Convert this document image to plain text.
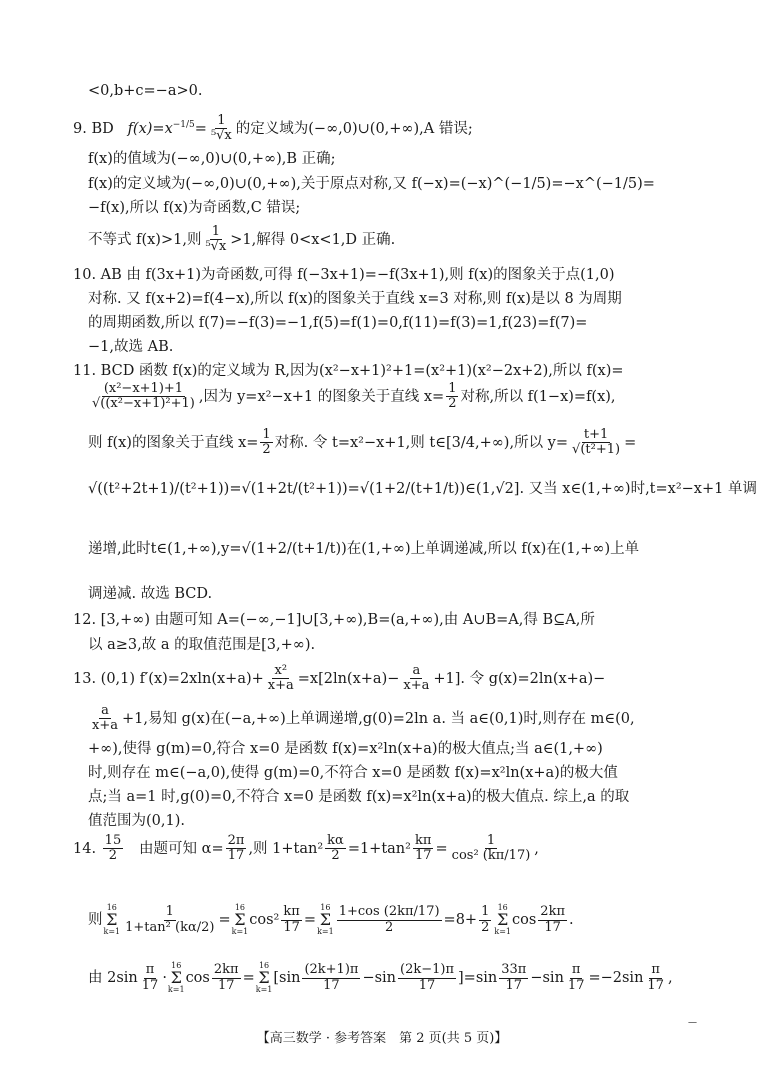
<0,b+c=−a>0.
9. BD $f(x)=x^{-1/5}= \frac{1}{\text{⁵√x}}$ 的定义域为(−∞,0)∪(0,+∞),A 错误;
f(x)的值域为(−∞,0)∪(0,+∞),B 正确;
f(x)的定义域为(−∞,0)∪(0,+∞),关于原点对称,又 f(−x)=(−x)^(−1/5)=−x^(−1/5)=
−f(x),所以 f(x)为奇函数,C 错误;
不等式 f(x)>1,则 $\frac{1}{\text{⁵√x}} >1$,解得 0<x<1,D 正确.
10. AB 由 f(3x+1)为奇函数,可得 f(−3x+1)=−f(3x+1),则 f(x)的图象关于点(1,0)
对称. 又 f(x+2)=f(4−x),所以 f(x)的图象关于直线 x=3 对称,则 f(x)是以 8 为周期
的周期函数,所以 f(7)=−f(3)=−1,f(5)=f(1)=0,f(11)=f(3)=1,f(23)=f(7)=
−1,故选 AB.
11. BCD 函数 f(x)的定义域为 R,因为(x²−x+1)²+1=(x²+1)(x²−2x+2),所以 f(x)=
$\frac{\text{(x²−x+1)+1}}{\text{√((x²−x+1)²+1)}}$ ,因为 y=x²−x+1 的图象关于直线 $x= \frac{1}{2}$ 对称,所以 f(1−x)=f(x),
则 f(x)的图象关于直线 $x= \frac{1}{2}$ 对称. 令 t=x²−x+1,则 t∈[3/4,+∞),所以 $y= \frac{t+1}{\text{√(t²+1)}}$ =
√((t²+2t+1)/(t²+1))=√(1+2t/(t²+1))=√(1+2/(t+1/t))∈(1,√2]. 又当 x∈(1,+∞)时,t=x²−x+1 单调
递增,此时t∈(1,+∞),y=√(1+2/(t+1/t))在(1,+∞)上单调递减,所以 f(x)在(1,+∞)上单
调递减. 故选 BCD.
12. [3,+∞) 由题可知 A=(−∞,−1]∪[3,+∞),B=(a,+∞),由 A∪B=A,得 B⊆A,所
以 a≥3,故 a 的取值范围是[3,+∞).
13. (0,1) $f'(x)=2xln(x+a)+ \frac{\text{x²}}{x+a} =x[2\ln(x+a)- \frac{a}{x+a} +1]$. 令 g(x)=2ln(x+a)−
$\frac{a}{x+a} +1$,易知 g(x)在(−a,+∞)上单调递增,g(0)=2ln a. 当 a∈(0,1)时,则存在 m∈(0,
+∞),使得 g(m)=0,符合 x=0 是函数 f(x)=x²ln(x+a)的极大值点;当 a∈(1,+∞)
时,则存在 m∈(−a,0),使得 g(m)=0,不符合 x=0 是函数 f(x)=x²ln(x+a)的极大值
点;当 a=1 时,g(0)=0,不符合 x=0 是函数 f(x)=x²ln(x+a)的极大值点. 综上,a 的取
值范围为(0,1).
14. $\frac{15}{2}$ 由题可知 $\alpha= \frac{2\pi}{17}$ ,则 $1+\tan^2 \frac{k\alpha}{2} =1+\tan^2 \frac{k\pi}{17} = \frac{1}{\text{cos² (kπ/17)}}$ ,
则
16
Σ
$k=1 \frac{1}{\text{1+tan² (kα/2)}}$ =
16
Σ
k=1
$\cos^2 \frac{k\pi}{17}$ =
16
Σ
$k=1 \frac{1+\cos (2k\pi/17)}{2} =8+ \frac{1}{2} 16$
Σ
k=1
$\cos \frac{2k\pi}{17}$ .
由 $2\sin \frac{\pi}{17}$ ·
16
Σ
k=1
$\cos \frac{2k\pi}{17}$ =
16
Σ
k=1
$[\sin \frac{(2k+1)\pi}{17} -\sin \frac{(2k-1)\pi}{17} ]=\sin \frac{33\pi}{17} -\sin \frac{\pi}{17} =-2\sin \frac{\pi}{17}$ ,
—
【高三数学 · 参考答案　第 2 页(共 5 页)】
